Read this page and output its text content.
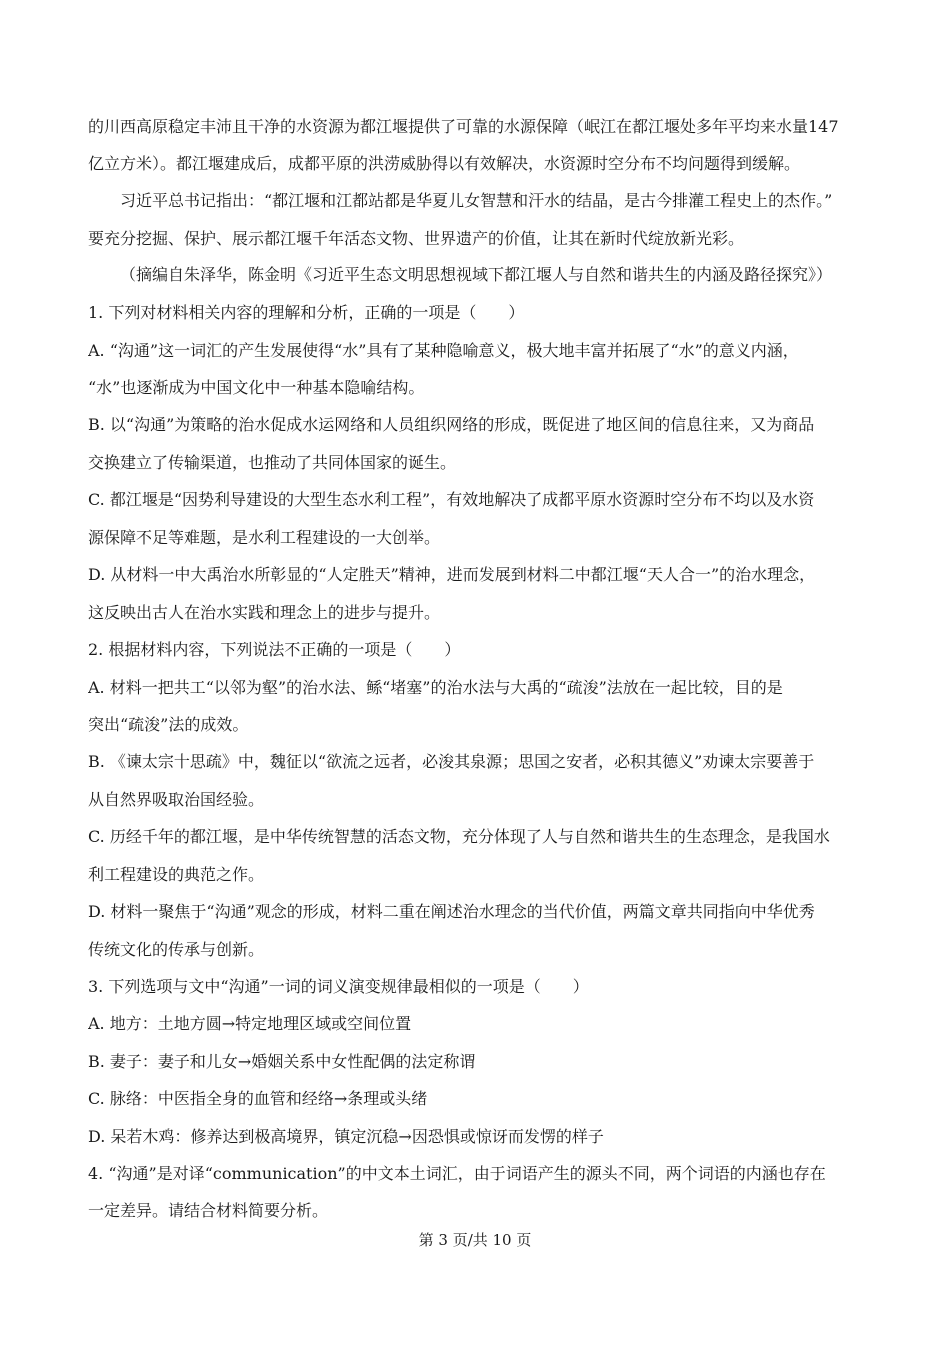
的川西高原稳定丰沛且干净的水资源为都江堰提供了可靠的水源保障（岷江在都江堰处多年平均来水量147
亿立方米）。都江堰建成后，成都平原的洪涝威胁得以有效解决，水资源时空分布不均问题得到缓解。
习近平总书记指出：“都江堰和江都站都是华夏儿女智慧和汗水的结晶，是古今排灌工程史上的杰作。”
要充分挖掘、保护、展示都江堰千年活态文物、世界遗产的价值，让其在新时代绽放新光彩。
（摘编自朱泽华，陈金明《习近平生态文明思想视域下都江堰人与自然和谐共生的内涵及路径探究》）
1. 下列对材料相关内容的理解和分析，正确的一项是（　　）
A. “沟通”这一词汇的产生发展使得“水”具有了某种隐喻意义，极大地丰富并拓展了“水”的意义内涵，
“水”也逐渐成为中国文化中一种基本隐喻结构。
B. 以“沟通”为策略的治水促成水运网络和人员组织网络的形成，既促进了地区间的信息往来，又为商品
交换建立了传输渠道，也推动了共同体国家的诞生。
C. 都江堰是“因势利导建设的大型生态水利工程”，有效地解决了成都平原水资源时空分布不均以及水资
源保障不足等难题，是水利工程建设的一大创举。
D. 从材料一中大禹治水所彰显的“人定胜天”精神，进而发展到材料二中都江堰“天人合一”的治水理念，
这反映出古人在治水实践和理念上的进步与提升。
2. 根据材料内容，下列说法不正确的一项是（　　）
A. 材料一把共工“以邻为壑”的治水法、鲧“堵塞”的治水法与大禹的“疏浚”法放在一起比较，目的是
突出“疏浚”法的成效。
B. 《谏太宗十思疏》中，魏征以“欲流之远者，必浚其泉源；思国之安者，必积其德义”劝谏太宗要善于
从自然界吸取治国经验。
C. 历经千年的都江堰，是中华传统智慧的活态文物，充分体现了人与自然和谐共生的生态理念，是我国水
利工程建设的典范之作。
D. 材料一聚焦于“沟通”观念的形成，材料二重在阐述治水理念的当代价值，两篇文章共同指向中华优秀
传统文化的传承与创新。
3. 下列选项与文中“沟通”一词的词义演变规律最相似的一项是（　　）
A. 地方：土地方圆→特定地理区域或空间位置
B. 妻子：妻子和儿女→婚姻关系中女性配偶的法定称谓
C. 脉络：中医指全身的血管和经络→条理或头绪
D. 呆若木鸡：修养达到极高境界，镇定沉稳→因恐惧或惊讶而发愣的样子
4. “沟通”是对译“communication”的中文本土词汇，由于词语产生的源头不同，两个词语的内涵也存在
一定差异。请结合材料简要分析。
第 3 页/共 10 页
